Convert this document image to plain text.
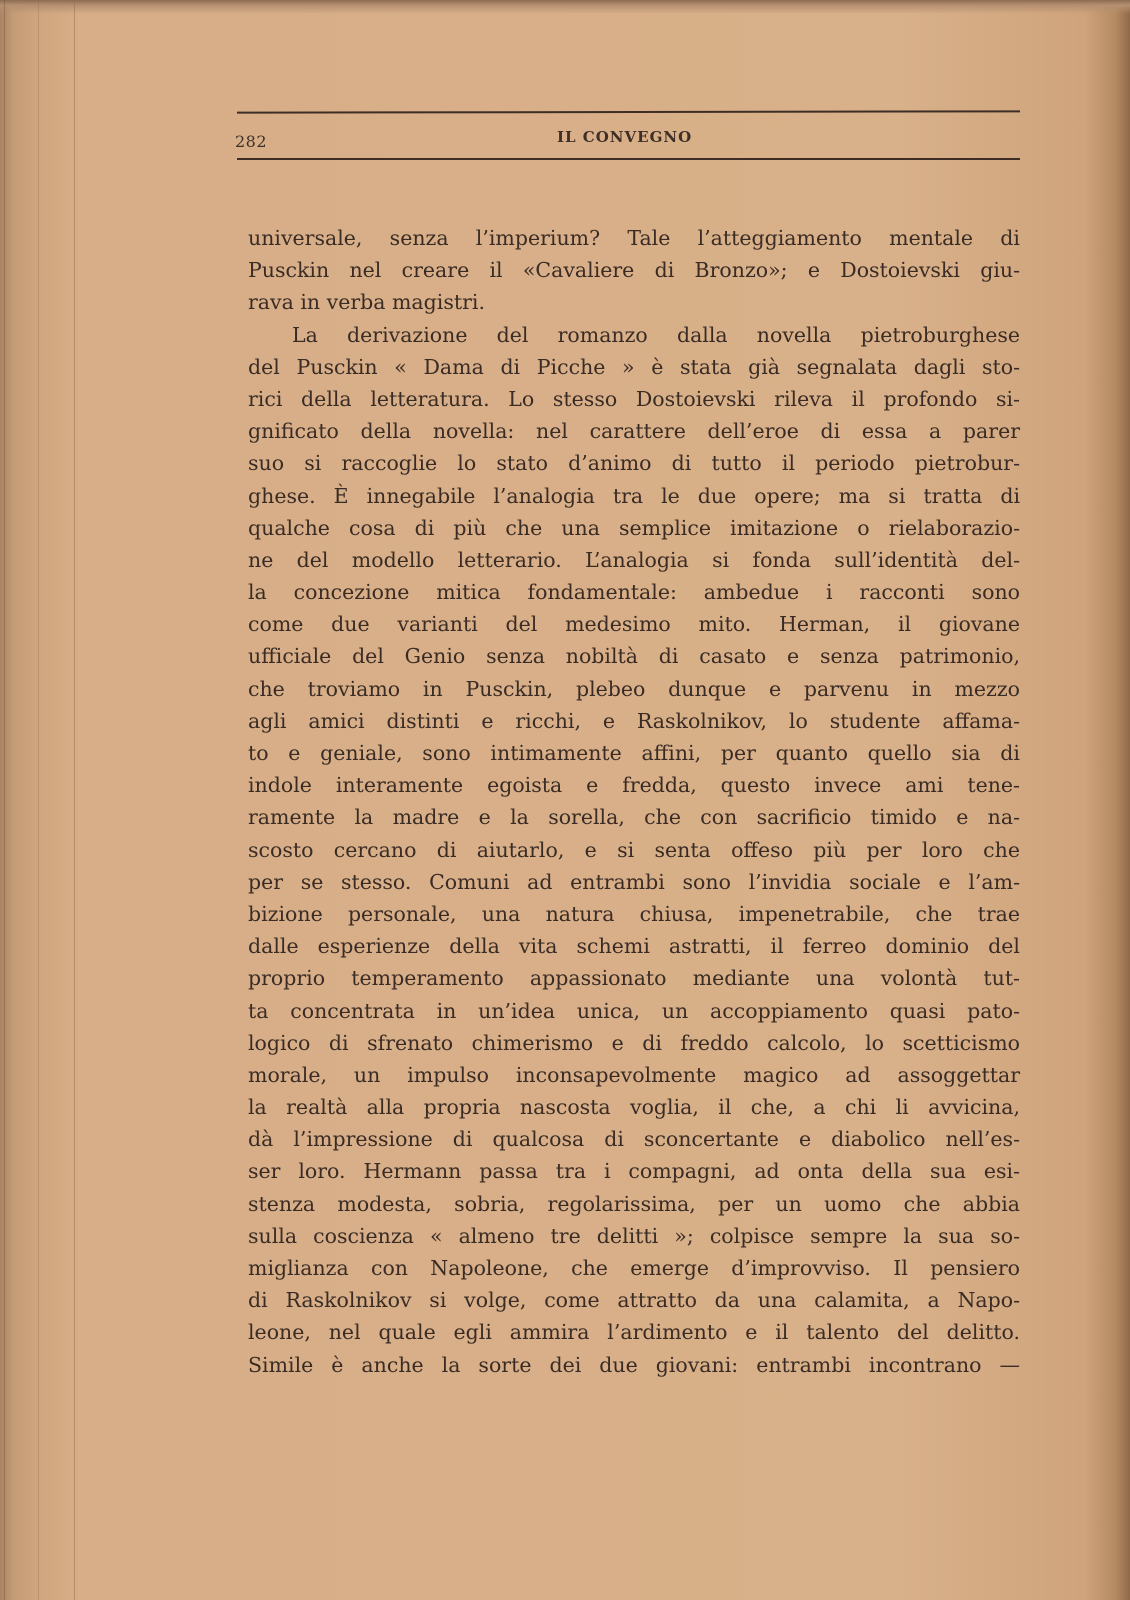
282	IL CONVEGNO
universale, senza l’imperium? Tale l’atteggiamento mentale di
Pusckin nel creare il «Cavaliere di Bronzo»; e Dostoievski giu-
rava in verba magistri.
La derivazione del romanzo dalla novella pietroburghese
del Pusckin « Dama di Picche » è stata già segnalata dagli sto-
rici della letteratura. Lo stesso Dostoievski rileva il profondo si-
gnificato della novella: nel carattere dell’eroe di essa a parer
suo si raccoglie lo stato d’animo di tutto il periodo pietrobur-
ghese. È innegabile l’analogia tra le due opere; ma si tratta di
qualche cosa di più che una semplice imitazione o rielaborazio-
ne del modello letterario. L’analogia si fonda sull’identità del-
la concezione mitica fondamentale: ambedue i racconti sono
come due varianti del medesimo mito. Herman, il giovane
ufficiale del Genio senza nobiltà di casato e senza patrimonio,
che troviamo in Pusckin, plebeo dunque e parvenu in mezzo
agli amici distinti e ricchi, e Raskolnikov, lo studente affama-
to e geniale, sono intimamente affini, per quanto quello sia di
indole interamente egoista e fredda, questo invece ami tene-
ramente la madre e la sorella, che con sacrificio timido e na-
scosto cercano di aiutarlo, e si senta offeso più per loro che
per se stesso. Comuni ad entrambi sono l’invidia sociale e l’am-
bizione personale, una natura chiusa, impenetrabile, che trae
dalle esperienze della vita schemi astratti, il ferreo dominio del
proprio temperamento appassionato mediante una volontà tut-
ta concentrata in un’idea unica, un accoppiamento quasi pato-
logico di sfrenato chimerismo e di freddo calcolo, lo scetticismo
morale, un impulso inconsapevolmente magico ad assoggettar
la realtà alla propria nascosta voglia, il che, a chi li avvicina,
dà l’impressione di qualcosa di sconcertante e diabolico nell’es-
ser loro. Hermann passa tra i compagni, ad onta della sua esi-
stenza modesta, sobria, regolarissima, per un uomo che abbia
sulla coscienza « almeno tre delitti »; colpisce sempre la sua so-
miglianza con Napoleone, che emerge d’improvviso. Il pensiero
di Raskolnikov si volge, come attratto da una calamita, a Napo-
leone, nel quale egli ammira l’ardimento e il talento del delitto.
Simile è anche la sorte dei due giovani: entrambi incontrano —
